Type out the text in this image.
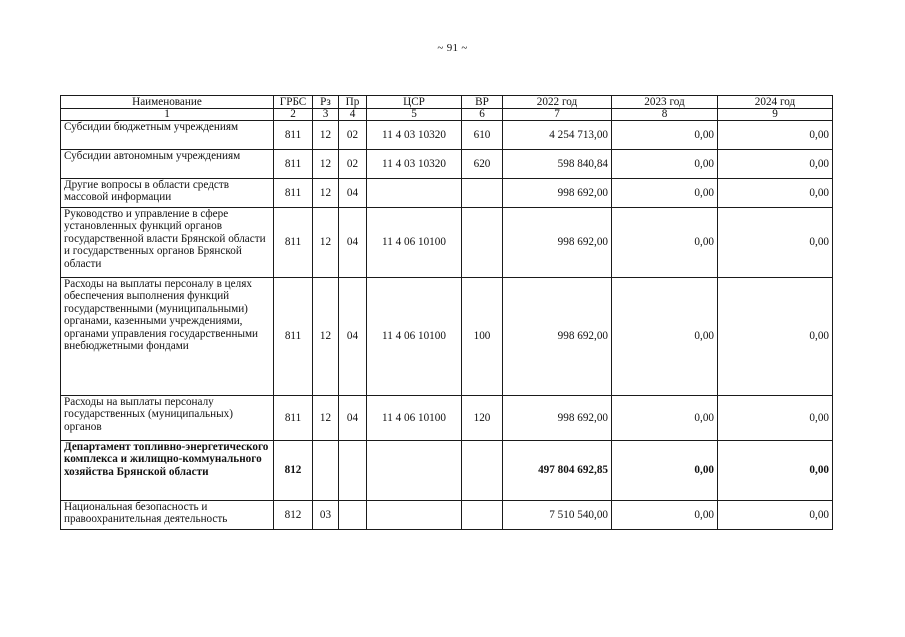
~ 91 ~
Наименование	ГРБС	Рз	Пр	ЦСР	ВР	2022 год	2023 год	2024 год
1	2	3	4	5	6	7	8	9
Субсидии бюджетным учреждениям	811	12	02	11 4 03 10320	610	4 254 713,00	0,00	0,00
Субсидии автономным учреждениям	811	12	02	11 4 03 10320	620	598 840,84	0,00	0,00
Другие вопросы в области средств массовой информации	811	12	04			998 692,00	0,00	0,00
Руководство и управление в сфере установленных функций органов государственной власти Брянской области и государственных органов Брянской области	811	12	04	11 4 06 10100		998 692,00	0,00	0,00
Расходы на выплаты персоналу в целях обеспечения выполнения функций государственными (муниципальными) органами, казенными учреждениями, органами управления государственными внебюджетными фондами	811	12	04	11 4 06 10100	100	998 692,00	0,00	0,00
Расходы на выплаты персоналу государственных (муниципальных) органов	811	12	04	11 4 06 10100	120	998 692,00	0,00	0,00
Департамент топливно-энергетического комплекса и жилищно-коммунального хозяйства Брянской области	812					497 804 692,85	0,00	0,00
Национальная безопасность и правоохранительная деятельность	812	03				7 510 540,00	0,00	0,00
